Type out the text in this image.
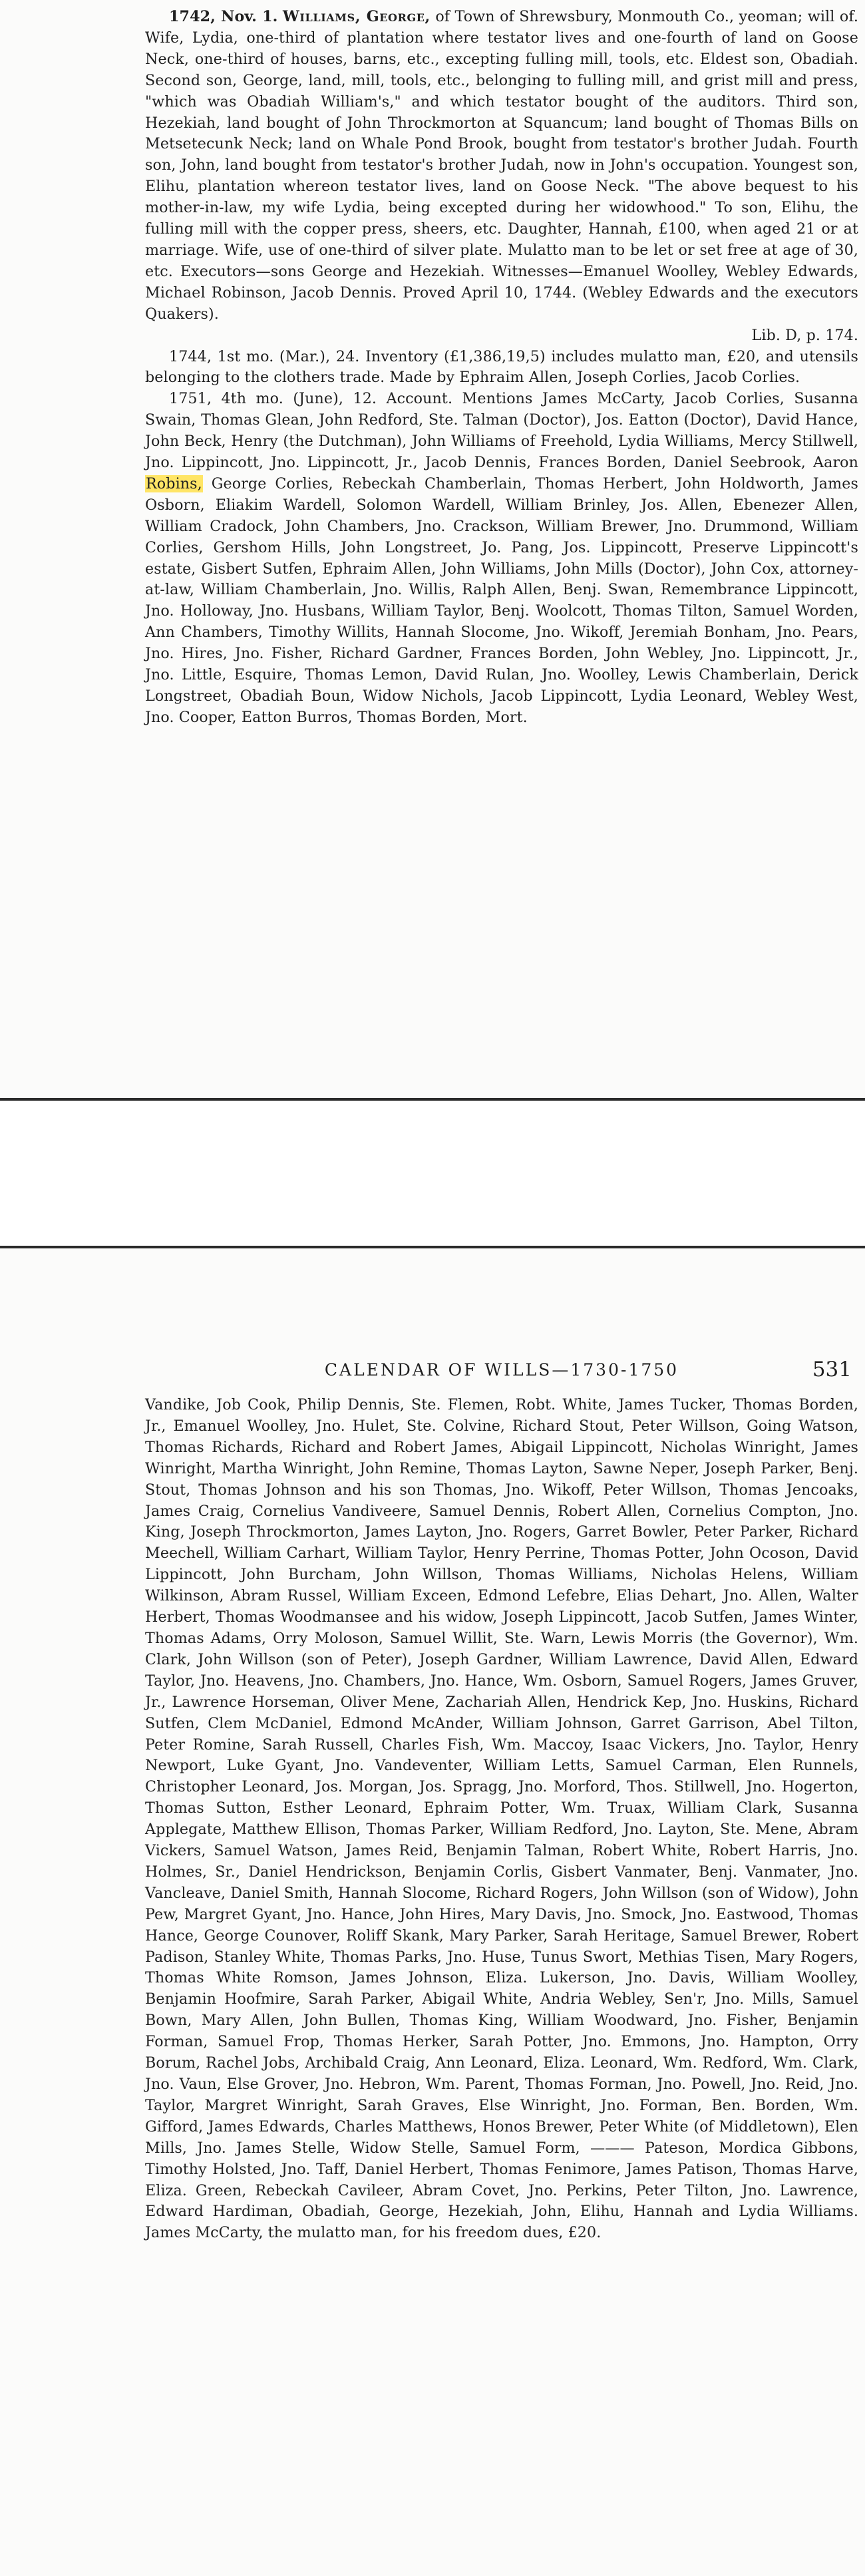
1742, Nov. 1. Williams, George, of Town of Shrewsbury, Monmouth Co., yeoman; will of. Wife, Lydia, one-third of plantation where testator lives and one-fourth of land on Goose Neck, one-third of houses, barns, etc., excepting fulling mill, tools, etc. Eldest son, Obadiah. Second son, George, land, mill, tools, etc., belonging to fulling mill, and grist mill and press, "which was Obadiah William's," and which testator bought of the auditors. Third son, Hezekiah, land bought of John Throckmorton at Squancum; land bought of Thomas Bills on Metsetecunk Neck; land on Whale Pond Brook, bought from testator's brother Judah. Fourth son, John, land bought from testator's brother Judah, now in John's occupation. Youngest son, Elihu, plantation whereon testator lives, land on Goose Neck. "The above bequest to his mother-in-law, my wife Lydia, being excepted during her widowhood." To son, Elihu, the fulling mill with the copper press, sheers, etc. Daughter, Hannah, £100, when aged 21 or at marriage. Wife, use of one-third of silver plate. Mulatto man to be let or set free at age of 30, etc. Executors—sons George and Hezekiah. Witnesses—Emanuel Woolley, Webley Edwards, Michael Robinson, Jacob Dennis. Proved April 10, 1744. (Webley Edwards and the executors Quakers).
Lib. D, p. 174.

1744, 1st mo. (Mar.), 24. Inventory (£1,386,19,5) includes mulatto man, £20, and utensils belonging to the clothers trade. Made by Ephraim Allen, Joseph Corlies, Jacob Corlies.

1751, 4th mo. (June), 12. Account. Mentions James McCarty, Jacob Corlies, Susanna Swain, Thomas Glean, John Redford, Ste. Talman (Doctor), Jos. Eatton (Doctor), David Hance, John Beck, Henry (the Dutchman), John Williams of Freehold, Lydia Williams, Mercy Stillwell, Jno. Lippincott, Jno. Lippincott, Jr., Jacob Dennis, Frances Borden, Daniel Seebrook, Aaron Robins, George Corlies, Rebeckah Chamberlain, Thomas Herbert, John Holdworth, James Osborn, Eliakim Wardell, Solomon Wardell, William Brinley, Jos. Allen, Ebenezer Allen, William Cradock, John Chambers, Jno. Crackson, William Brewer, Jno. Drummond, William Corlies, Gershom Hills, John Longstreet, Jo. Pang, Jos. Lippincott, Preserve Lippincott's estate, Gisbert Sutfen, Ephraim Allen, John Williams, John Mills (Doctor), John Cox, attorney-at-law, William Chamberlain, Jno. Willis, Ralph Allen, Benj. Swan, Remembrance Lippincott, Jno. Holloway, Jno. Husbans, William Taylor, Benj. Woolcott, Thomas Tilton, Samuel Worden, Ann Chambers, Timothy Willits, Hannah Slocome, Jno. Wikoff, Jeremiah Bonham, Jno. Pears, Jno. Hires, Jno. Fisher, Richard Gardner, Frances Borden, John Webley, Jno. Lippincott, Jr., Jno. Little, Esquire, Thomas Lemon, David Rulan, Jno. Woolley, Lewis Chamberlain, Derick Longstreet, Obadiah Boun, Widow Nichols, Jacob Lippincott, Lydia Leonard, Webley West, Jno. Cooper, Eatton Burros, Thomas Borden, Mort.

CALENDAR OF WILLS—1730-1750	531

Vandike, Job Cook, Philip Dennis, Ste. Flemen, Robt. White, James Tucker, Thomas Borden, Jr., Emanuel Woolley, Jno. Hulet, Ste. Colvine, Richard Stout, Peter Willson, Going Watson, Thomas Richards, Richard and Robert James, Abigail Lippincott, Nicholas Winright, James Winright, Martha Winright, John Remine, Thomas Layton, Sawne Neper, Joseph Parker, Benj. Stout, Thomas Johnson and his son Thomas, Jno. Wikoff, Peter Willson, Thomas Jencoaks, James Craig, Cornelius Vandiveere, Samuel Dennis, Robert Allen, Cornelius Compton, Jno. King, Joseph Throckmorton, James Layton, Jno. Rogers, Garret Bowler, Peter Parker, Richard Meechell, William Carhart, William Taylor, Henry Perrine, Thomas Potter, John Ocoson, David Lippincott, John Burcham, John Willson, Thomas Williams, Nicholas Helens, William Wilkinson, Abram Russel, William Exceen, Edmond Lefebre, Elias Dehart, Jno. Allen, Walter Herbert, Thomas Woodmansee and his widow, Joseph Lippincott, Jacob Sutfen, James Winter, Thomas Adams, Orry Moloson, Samuel Willit, Ste. Warn, Lewis Morris (the Governor), Wm. Clark, John Willson (son of Peter), Joseph Gardner, William Lawrence, David Allen, Edward Taylor, Jno. Heavens, Jno. Chambers, Jno. Hance, Wm. Osborn, Samuel Rogers, James Gruver, Jr., Lawrence Horseman, Oliver Mene, Zachariah Allen, Hendrick Kep, Jno. Huskins, Richard Sutfen, Clem McDaniel, Edmond McAnder, William Johnson, Garret Garrison, Abel Tilton, Peter Romine, Sarah Russell, Charles Fish, Wm. Maccoy, Isaac Vickers, Jno. Taylor, Henry Newport, Luke Gyant, Jno. Vandeventer, William Letts, Samuel Carman, Elen Runnels, Christopher Leonard, Jos. Morgan, Jos. Spragg, Jno. Morford, Thos. Stillwell, Jno. Hogerton, Thomas Sutton, Esther Leonard, Ephraim Potter, Wm. Truax, William Clark, Susanna Applegate, Matthew Ellison, Thomas Parker, William Redford, Jno. Layton, Ste. Mene, Abram Vickers, Samuel Watson, James Reid, Benjamin Talman, Robert White, Robert Harris, Jno. Holmes, Sr., Daniel Hendrickson, Benjamin Corlis, Gisbert Vanmater, Benj. Vanmater, Jno. Vancleave, Daniel Smith, Hannah Slocome, Richard Rogers, John Willson (son of Widow), John Pew, Margret Gyant, Jno. Hance, John Hires, Mary Davis, Jno. Smock, Jno. Eastwood, Thomas Hance, George Counover, Roliff Skank, Mary Parker, Sarah Heritage, Samuel Brewer, Robert Padison, Stanley White, Thomas Parks, Jno. Huse, Tunus Swort, Methias Tisen, Mary Rogers, Thomas White Romson, James Johnson, Eliza. Lukerson, Jno. Davis, William Woolley, Benjamin Hoofmire, Sarah Parker, Abigail White, Andria Webley, Sen'r, Jno. Mills, Samuel Bown, Mary Allen, John Bullen, Thomas King, William Woodward, Jno. Fisher, Benjamin Forman, Samuel Frop, Thomas Herker, Sarah Potter, Jno. Emmons, Jno. Hampton, Orry Borum, Rachel Jobs, Archibald Craig, Ann Leonard, Eliza. Leonard, Wm. Redford, Wm. Clark, Jno. Vaun, Else Grover, Jno. Hebron, Wm. Parent, Thomas Forman, Jno. Powell, Jno. Reid, Jno. Taylor, Margret Winright, Sarah Graves, Else Winright, Jno. Forman, Ben. Borden, Wm. Gifford, James Edwards, Charles Matthews, Honos Brewer, Peter White (of Middletown), Elen Mills, Jno. James Stelle, Widow Stelle, Samuel Form, ——— Pateson, Mordica Gibbons, Timothy Holsted, Jno. Taff, Daniel Herbert, Thomas Fenimore, James Patison, Thomas Harve, Eliza. Green, Rebeckah Cavileer, Abram Covet, Jno. Perkins, Peter Tilton, Jno. Lawrence, Edward Hardiman, Obadiah, George, Hezekiah, John, Elihu, Hannah and Lydia Williams. James McCarty, the mulatto man, for his freedom dues, £20.
